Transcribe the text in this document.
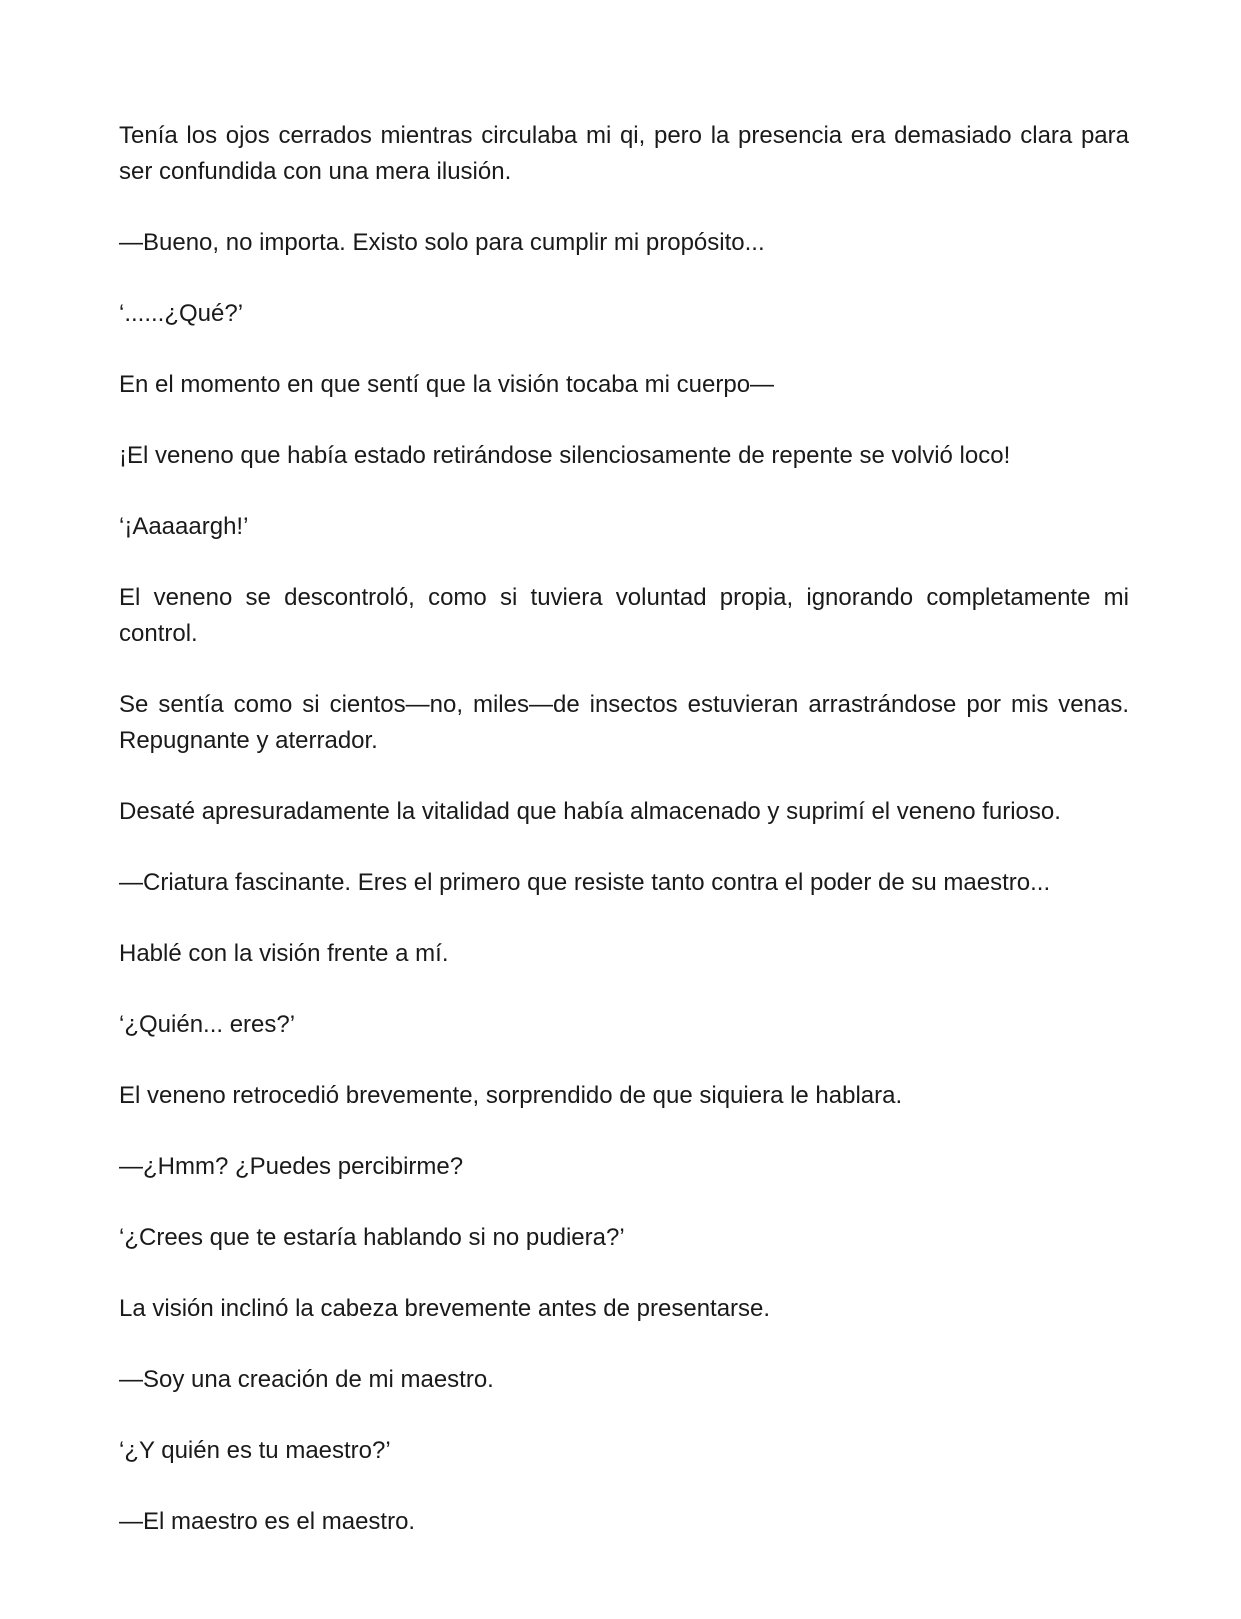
Tenía los ojos cerrados mientras circulaba mi qi, pero la presencia era demasiado clara para ser confundida con una mera ilusión.

—Bueno, no importa. Existo solo para cumplir mi propósito...

‘......¿Qué?’

En el momento en que sentí que la visión tocaba mi cuerpo—

¡El veneno que había estado retirándose silenciosamente de repente se volvió loco!

‘¡Aaaaargh!’

El veneno se descontroló, como si tuviera voluntad propia, ignorando completamente mi control.

Se sentía como si cientos—no, miles—de insectos estuvieran arrastrándose por mis venas. Repugnante y aterrador.

Desaté apresuradamente la vitalidad que había almacenado y suprimí el veneno furioso.

—Criatura fascinante. Eres el primero que resiste tanto contra el poder de su maestro...

Hablé con la visión frente a mí.

‘¿Quién... eres?’

El veneno retrocedió brevemente, sorprendido de que siquiera le hablara.

—¿Hmm? ¿Puedes percibirme?

‘¿Crees que te estaría hablando si no pudiera?’

La visión inclinó la cabeza brevemente antes de presentarse.

—Soy una creación de mi maestro.

‘¿Y quién es tu maestro?’

—El maestro es el maestro.
